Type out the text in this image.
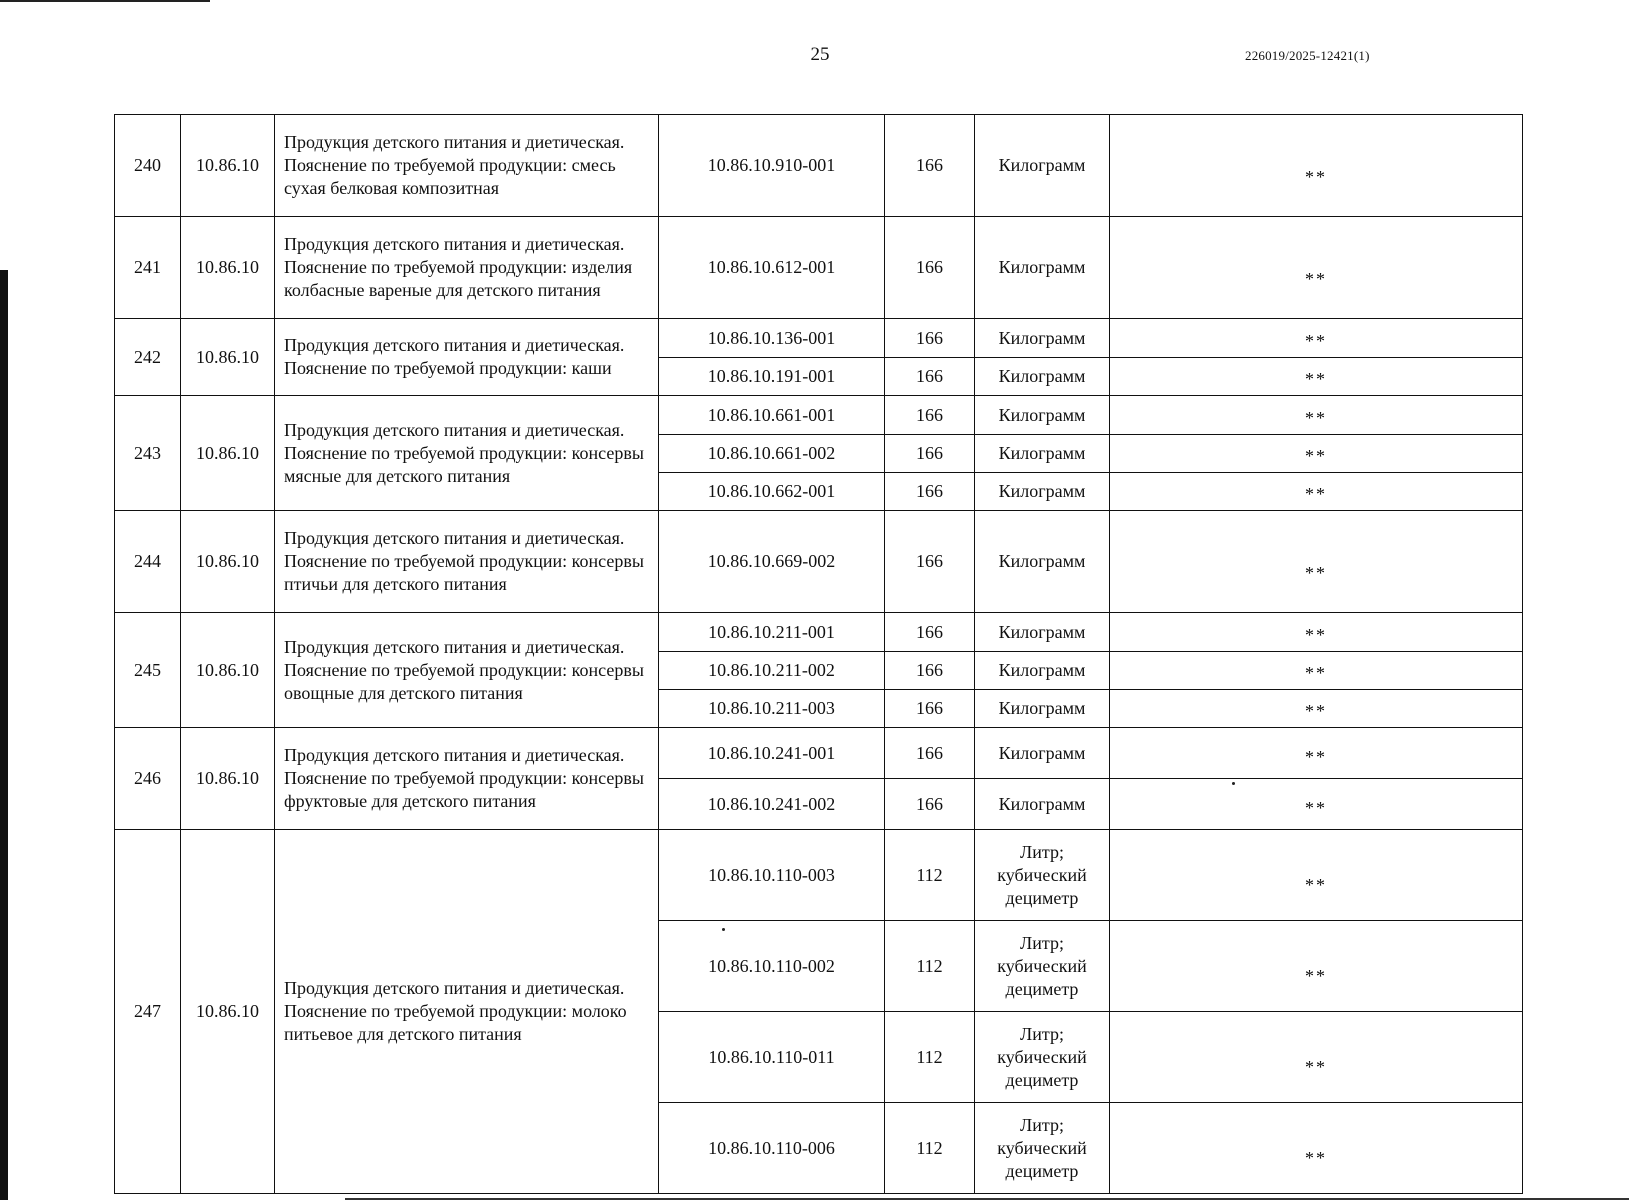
25	226019/2025-12421(1)
240	10.86.10	Продукция детского питания и диетическая. Пояснение по требуемой продукции: смесь сухая белковая композитная	10.86.10.910-001	166	Килограмм	**
241	10.86.10	Продукция детского питания и диетическая. Пояснение по требуемой продукции: изделия колбасные вареные для детского питания	10.86.10.612-001	166	Килограмм	**
242	10.86.10	Продукция детского питания и диетическая. Пояснение по требуемой продукции: каши	10.86.10.136-001	166	Килограмм	**
			10.86.10.191-001	166	Килограмм	**
243	10.86.10	Продукция детского питания и диетическая. Пояснение по требуемой продукции: консервы мясные для детского питания	10.86.10.661-001	166	Килограмм	**
			10.86.10.661-002	166	Килограмм	**
			10.86.10.662-001	166	Килограмм	**
244	10.86.10	Продукция детского питания и диетическая. Пояснение по требуемой продукции: консервы птичьи для детского питания	10.86.10.669-002	166	Килограмм	**
245	10.86.10	Продукция детского питания и диетическая. Пояснение по требуемой продукции: консервы овощные для детского питания	10.86.10.211-001	166	Килограмм	**
			10.86.10.211-002	166	Килограмм	**
			10.86.10.211-003	166	Килограмм	**
246	10.86.10	Продукция детского питания и диетическая. Пояснение по требуемой продукции: консервы фруктовые для детского питания	10.86.10.241-001	166	Килограмм	**
			10.86.10.241-002	166	Килограмм	**
247	10.86.10	Продукция детского питания и диетическая. Пояснение по требуемой продукции: молоко питьевое для детского питания	10.86.10.110-003	112	Литр; кубический дециметр	**
			10.86.10.110-002	112	Литр; кубический дециметр	**
			10.86.10.110-011	112	Литр; кубический дециметр	**
			10.86.10.110-006	112	Литр; кубический дециметр	**
